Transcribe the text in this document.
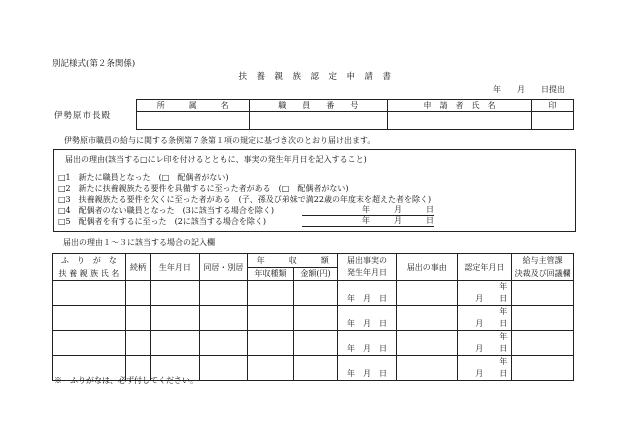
別記様式(第２条関係)
扶　養　親　族　認　定　申　請　書
年　　月　　日提出
伊勢原市長殿	所　　　属　　　名	職　　員　　番　　号	申　請　者　氏　名	印

伊勢原市職員の給与に関する条例第７条第１項の規定に基づき次のとおり届け出ます。
届出の理由(該当する□にレ印を付けるとともに、事実の発生年月日を記入すること)
□1　新たに職員となった　(□　配偶者がない)
□2　新たに扶養親族たる要件を具備するに至った者がある　(□　配偶者がない)
□3　扶養親族たる要件を欠くに至った者がある　(子、孫及び弟妹で満22歳の年度末を超えた者を除く)
□4　配偶者のない職員となった　(3に該当する場合を除く)
□5　配偶者を有するに至った　(2に該当する場合を除く)
年　　　月　　　日
年　　　月　　　日
届出の理由１～３に該当する場合の記入欄
ふ　り　が　な
扶 養 親 族 氏 名	続柄	生年月日	同居・別居	年　　　収　　　額		届出事実の
発生年月日	届出の事由	認定年月日	給与主管課
決裁及び回議欄
				年収種類	金額(円)				
						年　月　日		年
月　　日	
						年　月　日		年
月　　日	
						年　月　日		年
月　　日	
						年　月　日		年
月　　日	
※　ふりがなは、必ず付してください。
